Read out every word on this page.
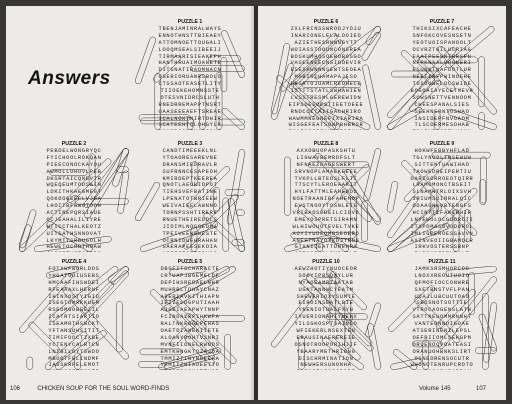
Answers
106	CHICKEN SOUP FOR THE SOUL WORD-FINDS
PUZZLE 1
TBENJAMINRALWAYS
ENNOTHNSTTBIEAEY
ATTOMNOETTOUGALI
LOOQMSEALSIBEEIJ
TIRMAARISIEAKEPH
HANTHRUAIMOANETE
DITSNATIRAOMNACN
OSERIORUANRSBOLO
CTSSAOTEASETLITY
TIIOEKEHOMNSSTE
OTESVNIDRCSLUTH
RNEDRREMAPPTNSRT
OAASEEEAEFTSREAE
ICALNOKTXIRTOHIR
SCATEEHTQLOHGYLK
PUZZLE 2
PEBDELWONGRYQC
FYICHOOLROKQAN
PIEECONOCKAYOU
AWMOLLOHOVLPEB
DKSRTAICQNEVTR
WQEQEUMTODSAIN
LOKITHKAEGMEGT
QOKOOGEECLVJBA
LHOITBFWWOTOOH
ACTINEPQRSIAUE
OCJEAHALILIYRE
WTICCTHALKEOTZ
UITSATHSNNOVAT
LKYMTTSROUGOLH
HEWETOCOBTHOAW
PUZZLE 3
CANDTIMEEEKLNL
YTOAORESAREVNE
DRANSMIEDRAVLR
SUFRNNCESAPEOH
KMIRDEPTKEEREA
QNOTLAEUBIOPOT
TIEHSVEFBATINE
LPENATOTWRIEEW
WEIVAIEELAWNNO
TORNPSSHTIRERE
RNUETHEIREDDLS
JIDIMLNOSOEDNA
TPEIVEEWEWESTE
OCRNIDUEHRAHAN
SAERAPEESEKOIA
PUZZLE 4
FOTXWFWORLDOS
YHGATOOIUSEBS
HMCAAFIHSWDEI
RFEAAAXLHERNF
IHINXOSTYIGID
ISEGTOMRKKUEM
RSEOMGOBEEZIL
ICATRTSIARTIO
ISEAMRTHSWCKT
YFTANSUHSITIT
TIMIFOOCTIXBE
YCTENYCALRTCN
LNTBILOYTSWDO
MBOOTFELINDMF
JASSKRPELEMOT
PUZZLE 5
DBGFITSCHARACTE
CRTUAPJBGEMELDF
DEPIHSREDAELNHR
MUHRBLTDHAYCNAZ
ARERIAVKITHIAPN
IEIIELOGPUTIAAH
AJGBIAEAPWYTNNP
FCINDALRPIHKWPA
RALTNKEGGEPEHAS
OAETDIAMEKIIETE
ALOANYDOHTVSNRI
MVNFIIONELRWODS
EMTKHNGKTOZAJOA
TMMIZTINYNDEEHA
YRMITZHIAOEETTO
Volume 145	107
PUZZLE 6
ZXLFRINSSWRODJYOJU
INARIONELELALOOIEO
AZIETHESRNNNGYTT
WOIASSTOOUNCONSREA
BOSKUMHOSOEROBOSGO
VASEENEECNSIGOEVIR
ESESAWNNNSEWTSEOEA
MGBIRIHAMAPAJESO
DBSRTOJUAMLREOHECE
ISTTTSTATLSWHAHIEN
LVSSTRESMLGEREWIDN
EIPSOESOESTIEETOEEE
RNOCOITAITGACHRIRO
HAWMMNEGNEFIXIARIRA
WISGEFEATSOWPBHBRSR
PUZZLE 7
THIKSIXCAFEACHE
SNFOKCOVESNSETN
YEOTUOISPANOOLT
OCVRZTGILUCRIAG
EAATPEESNTRRSPN
NFPKNSALUOONERI
ESUNKTNAFOOTLUR
NEETIRFPWINOEHE
TOSOUWELOCSWIDE
BOGOAIAYECETMEVR
SOWSNETTVENNOOM
CHEESPANALSIES
SEEHNERNTOSHAO
INSIDEPFNVOAOM
TLSCDERMESOHAB
PUZZLE 8
AXXOBUOPASKSHTU
LIGWAVBEMRDFSLT
NFNAEZDAGESWERT
SRVNOPLAMAEKEEEE
TVKPLLBTEOSLFLTI
TTSCYTLEROEAAKIT
HYLFATTMLEAHEDOD
NOETRAANIBFAHEMOP
EVSTNOOYTOSNLETE
VRIBAOSEDEILCIOVO
EMEYOSPRETSIRAMN
WLHIWOUOTEVELTVKE
AOYIYUDEOMOSEOERO
ANEHTNAYOTKDJTRNB
GTXNIQEATTDNEHRA
PUZZLE 9
HOKWFEBBYHFLAD
TGLYNOOLTRSEWUW
SITTENTUAWIHAO
TAOWEDREIPERTIU
OARIGORROEOTQIRR
LRAMOMONCTBSEIT
SLNAMNTRLOIXSVH
IRIUMSOIRRALQIC
OOAAGNLVBTENGFS
HCINTTIFANEBHIR
LNYEWOLOCGUORCTI
ITXPDMASOVODOROL
IMLIGPEROESSAVVN
AXINVEOIIGBAMQCR
IRKVOSTERSSBNP
PUZZLE 10
AEWZHOTIYNUOCEOR
SOOYIPBSQNYLUR
NYAOEAMRTAATAB
UGNTANNWCYEATM
SHEWERIOXYSUMTE
EIROINSEATLBIE
YNENIOTDALFXYN
IYUERIONAHIYUEHX
YILSGKOSPTSAINSO
WFIEKERLNSEXTEN
ERAUSINAEREREIE
OSNOTROOPORIHJIF
YBAARYMETHRIONG
DISCHRMINATION
NEWHERSUNONHA
PUZZLE 11
JAMKSRSMHOPCOD
LNOXXREOUTUOIO
QFMOFIOCCONWRE
SXETBNSTVFLPAN
UDAJLUBCUUTOAO
SBOSNOTSOTTIE
VTROCAOGENSLATW
SATTNEUOMMRNNHT
VANTEONNOIGOAE
ATSERINENILEPSL
OEFRIIOMLSEKGPM
ORUENOCVOATEASI
ORANUOHBNKSLIRT
OGNEDRENSOCUTR
WHONOTENRUPCROTO
